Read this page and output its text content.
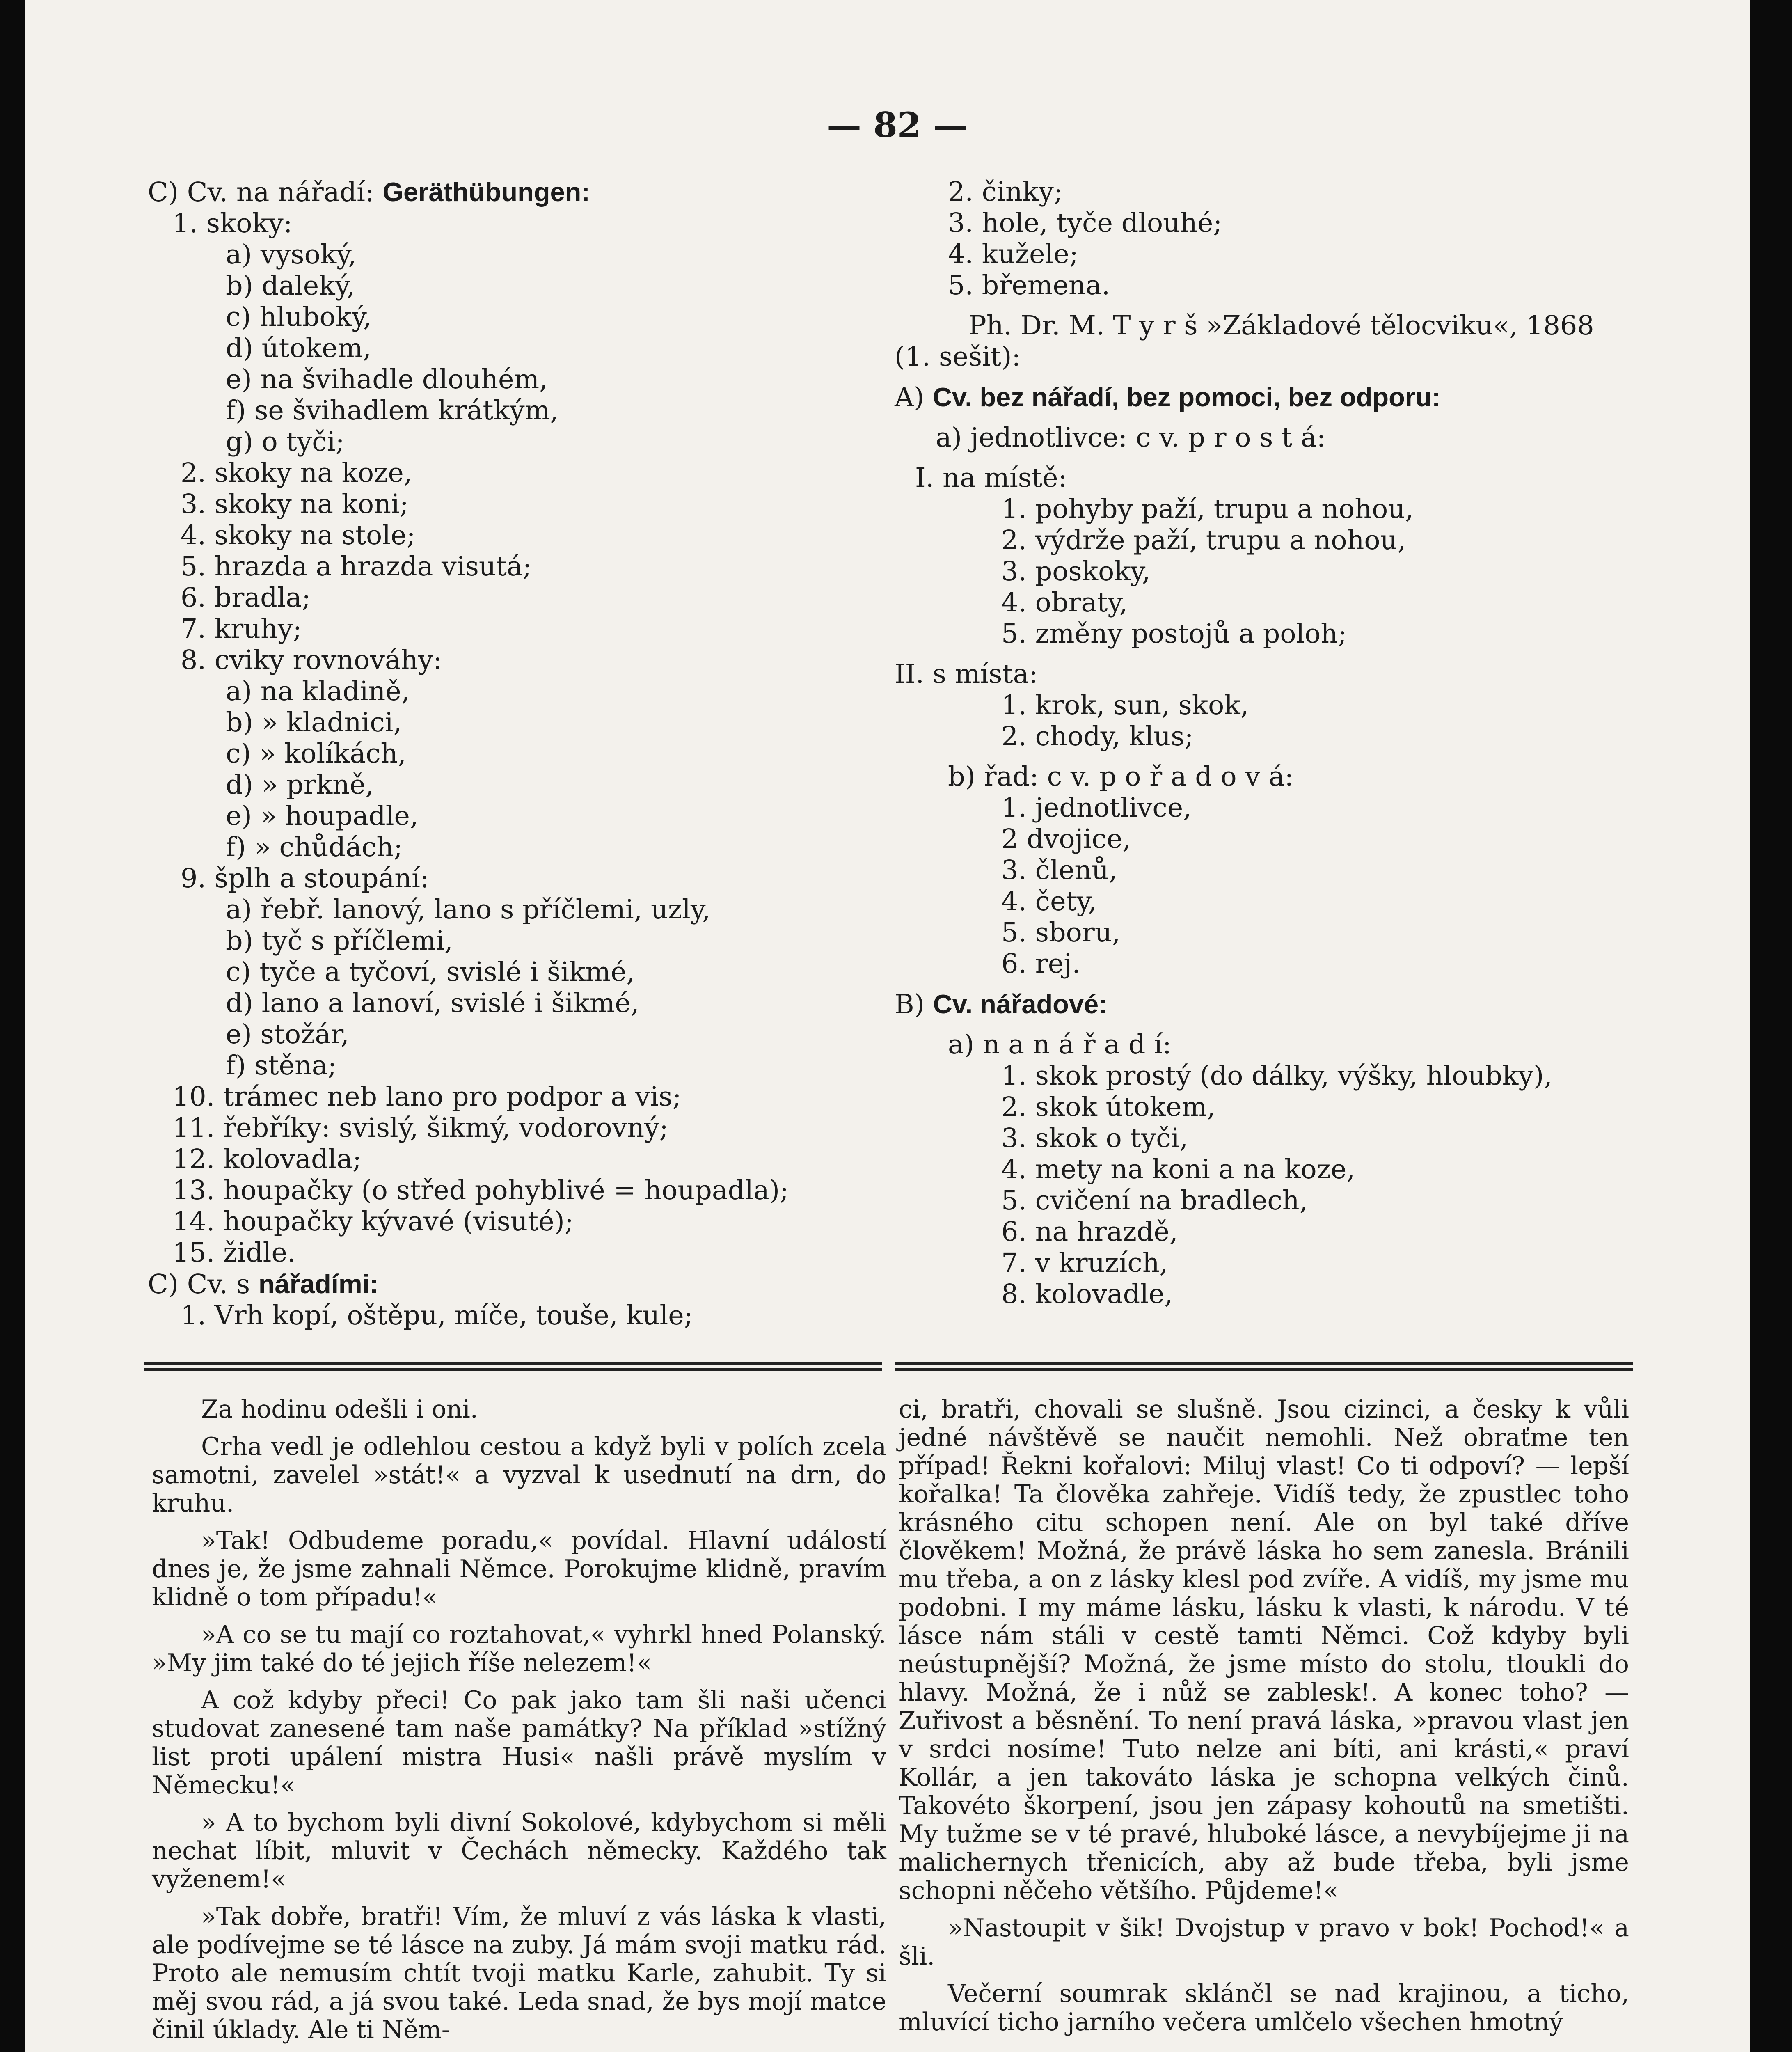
— 82 —
C) Cv. na nářadí: Geräthübungen:
1. skoky:
a) vysoký,
b) daleký,
c) hluboký,
d) útokem,
e) na švihadle dlouhém,
f) se švihadlem krátkým,
g) o tyči;
2. skoky na koze,
3. skoky na koni;
4. skoky na stole;
5. hrazda a hrazda visutá;
6. bradla;
7. kruhy;
8. cviky rovnováhy:
a) na kladině,
b) » kladnici,
c) » kolíkách,
d) » prkně,
e) » houpadle,
f) » chůdách;
9. šplh a stoupání:
a) řebř. lanový, lano s příčlemi, uzly,
b) tyč s příčlemi,
c) tyče a tyčoví, svislé i šikmé,
d) lano a lanoví, svislé i šikmé,
e) stožár,
f) stěna;
10. trámec neb lano pro podpor a vis;
11. řebříky: svislý, šikmý, vodorovný;
12. kolovadla;
13. houpačky (o střed pohyblivé = houpadla);
14. houpačky kývavé (visuté);
15. židle.
C) Cv. s nářadími:
1. Vrh kopí, oštěpu, míče, touše, kule;
2. činky;
3. hole, tyče dlouhé;
4. kužele;
5. břemena.
Ph. Dr. M. T y r š »Základové tělocviku«, 1868
(1. sešit):
A) Cv. bez nářadí, bez pomoci, bez odporu:
a) jednotlivce: c v. p r o s t á:
I. na místě:
1. pohyby paží, trupu a nohou,
2. výdrže paží, trupu a nohou,
3. poskoky,
4. obraty,
5. změny postojů a poloh;
II. s místa:
1. krok, sun, skok,
2. chody, klus;
b) řad: c v. p o ř a d o v á:
1. jednotlivce,
2 dvojice,
3. členů,
4. čety,
5. sboru,
6. rej.
B) Cv. nářadové:
a) n a n á ř a d í:
1. skok prostý (do dálky, výšky, hloubky),
2. skok útokem,
3. skok o tyči,
4. mety na koni a na koze,
5. cvičení na bradlech,
6. na hrazdě,
7. v kruzích,
8. kolovadle,

Za hodinu odešli i oni.

Crha vedl je odlehlou cestou a když byli v polích zcela samotni, zavelel »stát!« a vyzval k usednutí na drn, do kruhu.

»Tak! Odbudeme poradu,« povídal. Hlavní událostí dnes je, že jsme zahnali Němce. Porokujme klidně, pravím klidně o tom případu!«

»A co se tu mají co roztahovat,« vyhrkl hned Polanský. »My jim také do té jejich říše nelezem!«

A což kdyby přeci! Co pak jako tam šli naši učenci studovat zanesené tam naše památky? Na příklad »stížný list proti upálení mistra Husi« našli právě myslím v Německu!«

» A to bychom byli divní Sokolové, kdybychom si měli nechat líbit, mluvit v Čechách německy. Každého tak vyženem!«

»Tak dobře, bratři! Vím, že mluví z vás láska k vlasti, ale podívejme se té lásce na zuby. Já mám svoji matku rád. Proto ale nemusím chtít tvoji matku Karle, zahubit. Ty si měj svou rád, a já svou také. Leda snad, že bys mojí matce činil úklady. Ale ti Něm-

ci, bratři, chovali se slušně. Jsou cizinci, a česky k vůli jedné návštěvě se naučit nemohli. Než obraťme ten případ! Řekni kořalovi: Miluj vlast! Co ti odpoví? — lepší kořalka! Ta člověka zahřeje. Vidíš tedy, že zpustlec toho krásného citu schopen není. Ale on byl také dříve člověkem! Možná, že právě láska ho sem zanesla. Bránili mu třeba, a on z lásky klesl pod zvíře. A vidíš, my jsme mu podobni. I my máme lásku, lásku k vlasti, k národu. V té lásce nám stáli v cestě tamti Němci. Což kdyby byli neústupnější? Možná, že jsme místo do stolu, tloukli do hlavy. Možná, že i nůž se zablesk!. A konec toho? — Zuřivost a běsnění. To není pravá láska, »pravou vlast jen v srdci nosíme! Tuto nelze ani bíti, ani krásti,« praví Kollár, a jen takováto láska je schopna velkých činů. Takovéto škorpení, jsou jen zápasy kohoutů na smetišti. My tužme se v té pravé, hluboké lásce, a nevybíjejme ji na malichernych třenicích, aby až bude třeba, byli jsme schopni něčeho většího. Půjdeme!«

»Nastoupit v šik! Dvojstup v pravo v bok! Pochod!« a šli.

Večerní soumrak sklánčl se nad krajinou, a ticho, mluvící ticho jarního večera umlčelo všechen hmotný
